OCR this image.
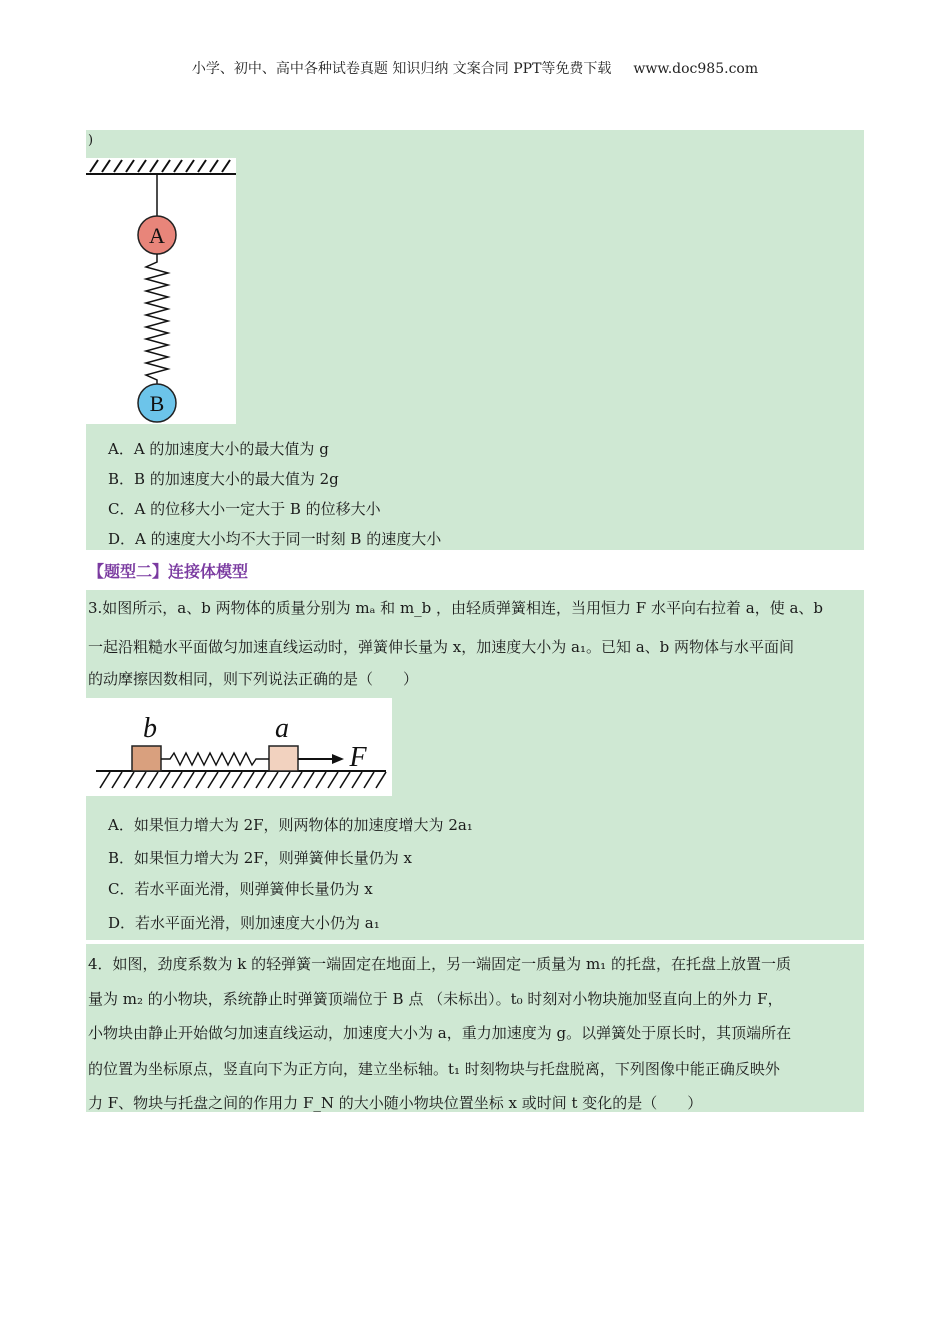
小学、初中、高中各种试卷真题 知识归纳 文案合同 PPT等免费下载 www.doc985.com
)
A
B
A．A 的加速度大小的最大值为 g
B．B 的加速度大小的最大值为 2g
C．A 的位移大小一定大于 B 的位移大小
D．A 的速度大小均不大于同一时刻 B 的速度大小
【题型二】连接体模型
3.如图所示，a、b 两物体的质量分别为 mₐ 和 m_b ，由轻质弹簧相连，当用恒力 F 水平向右拉着 a，使 a、b
一起沿粗糙水平面做匀加速直线运动时，弹簧伸长量为 x，加速度大小为 a₁。已知 a、b 两物体与水平面间
的动摩擦因数相同，则下列说法正确的是（　　）
b	a
F
A．如果恒力增大为 2F，则两物体的加速度增大为 2a₁
B．如果恒力增大为 2F，则弹簧伸长量仍为 x
C．若水平面光滑，则弹簧伸长量仍为 x
D．若水平面光滑，则加速度大小仍为 a₁
4．如图，劲度系数为 k 的轻弹簧一端固定在地面上，另一端固定一质量为 m₁ 的托盘，在托盘上放置一质
量为 m₂ 的小物块，系统静止时弹簧顶端位于 B 点 （未标出）。t₀ 时刻对小物块施加竖直向上的外力 F，
小物块由静止开始做匀加速直线运动，加速度大小为 a，重力加速度为 g。以弹簧处于原长时，其顶端所在
的位置为坐标原点，竖直向下为正方向，建立坐标轴。t₁ 时刻物块与托盘脱离，下列图像中能正确反映外
力 F、物块与托盘之间的作用力 F_N 的大小随小物块位置坐标 x 或时间 t 变化的是（　　）
